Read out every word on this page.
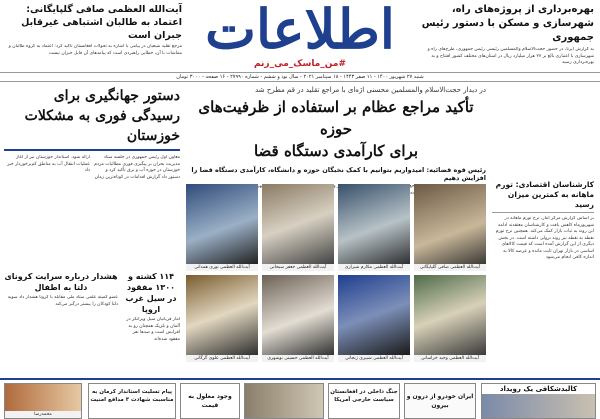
اطلاعات
#من_ماسک_می_زنم
بهره‌برداری از پروژه‌های راه، شهرسازی و مسکن با دستور رئیس جمهوری
به گزارش ایرنا، در حضور حجت‌الاسلام والمسلمین رئیسی رئیس جمهوری، طرح‌های راه و شهرسازی با اعتباری بالغ بر ۲۷ هزار میلیارد ریال در استان‌های مختلف کشور افتتاح و به بهره‌برداری رسید
آیت‌الله العظمی صافی گلپایگانی: اعتماد به طالبان اشتباهی غیرقابل جبران است
مرجع تقلید شیعیان در پیامی با اشاره به تحولات افغانستان تأکید کرد: اعتماد به گروه طالبان و مماشات با آن، خطایی راهبردی است که پیامدهای آن قابل جبران نیست
شنبه ۲۷ شهریور ۱۴۰۰ - ۱۱ صفر ۱۴۴۳ - ۱۸ سپتامبر ۲۰۲۱ - سال نود و ششم - شماره ۲۷۹۹۰ - ۱۶ صفحه - ۳۰۰۰ تومان
دستور جهانگیری برای رسیدگی فوری به مشکلات خوزستان
معاون اول رئیس جمهوری در جلسه ستاد مدیریت بحران بر پیگیری فوری مطالبات مردم خوزستان در حوزه آب و برق تأکید کرد و دستور داد گزارش اقدامات در کوتاه‌ترین زمان ارائه شود. استاندار خوزستان نیز از آغاز عملیات انتقال آب به مناطق کم‌برخوردار خبر داد
۱۱۴ کشته و ۱۳۰۰ مفقود در سیل غرب اروپا
آمار قربانیان سیل ویرانگر در آلمان و بلژیک همچنان رو به افزایش است و صدها نفر مفقود شده‌اند
هشدار درباره سرایت کرونای دلتا به اطفال
عضو کمیته علمی ستاد ملی مقابله با کرونا هشدار داد سویه دلتا کودکان را بیشتر درگیر می‌کند
در دیدار حجت‌الاسلام والمسلمین محسنی اژه‌ای با مراجع تقلید در قم مطرح شد
تأکید مراجع عظام بر استفاده از ظرفیت‌های حوزه
برای کارآمدی دستگاه قضا
رئیس قوه قضائیه: امیدواریم بتوانیم با کمک نخبگان حوزه و دانشگاه، کارآمدی دستگاه قضا را افزایش دهیم
و
آیت‌الله العظمی صافی گلپایگانی
آیت‌الله العظمی مکارم شیرازی
آیت‌الله العظمی جعفر سبحانی
آیت‌الله العظمی نوری همدانی
آیت‌الله العظمی وحید خراسانی
آیت‌الله العظمی شبیری زنجانی
آیت‌الله العظمی حسینی بوشهری
آیت‌الله العظمی علوی گرگانی
کارشناسان اقتصادی: تورم ماهانه به کمترین میزان رسید
بر اساس گزارش مرکز آمار، نرخ تورم ماهانه در شهریورماه کاهش یافت و کارشناسان معتقدند ادامه این روند به ثبات بازار کمک می‌کند. همچنین نرخ تورم نقطه به نقطه نیز روند نزولی داشته است. در بخش دیگری از این گزارش آمده است که قیمت کالاهای اساسی در بازار تهران ثابت مانده و عرضه کالا به اندازه کافی انجام می‌شود
کالبدشکافی یک رویداد
ایران خودرو از درون و بیرون
جنگ داخلی در افغانستان سیاست خارجی آمریکا
وجود معلول به قیمت
پیام تسلیت استاندار کرمان به مناسبت شهادت ۳ مدافع امنیت
محمدرضا
